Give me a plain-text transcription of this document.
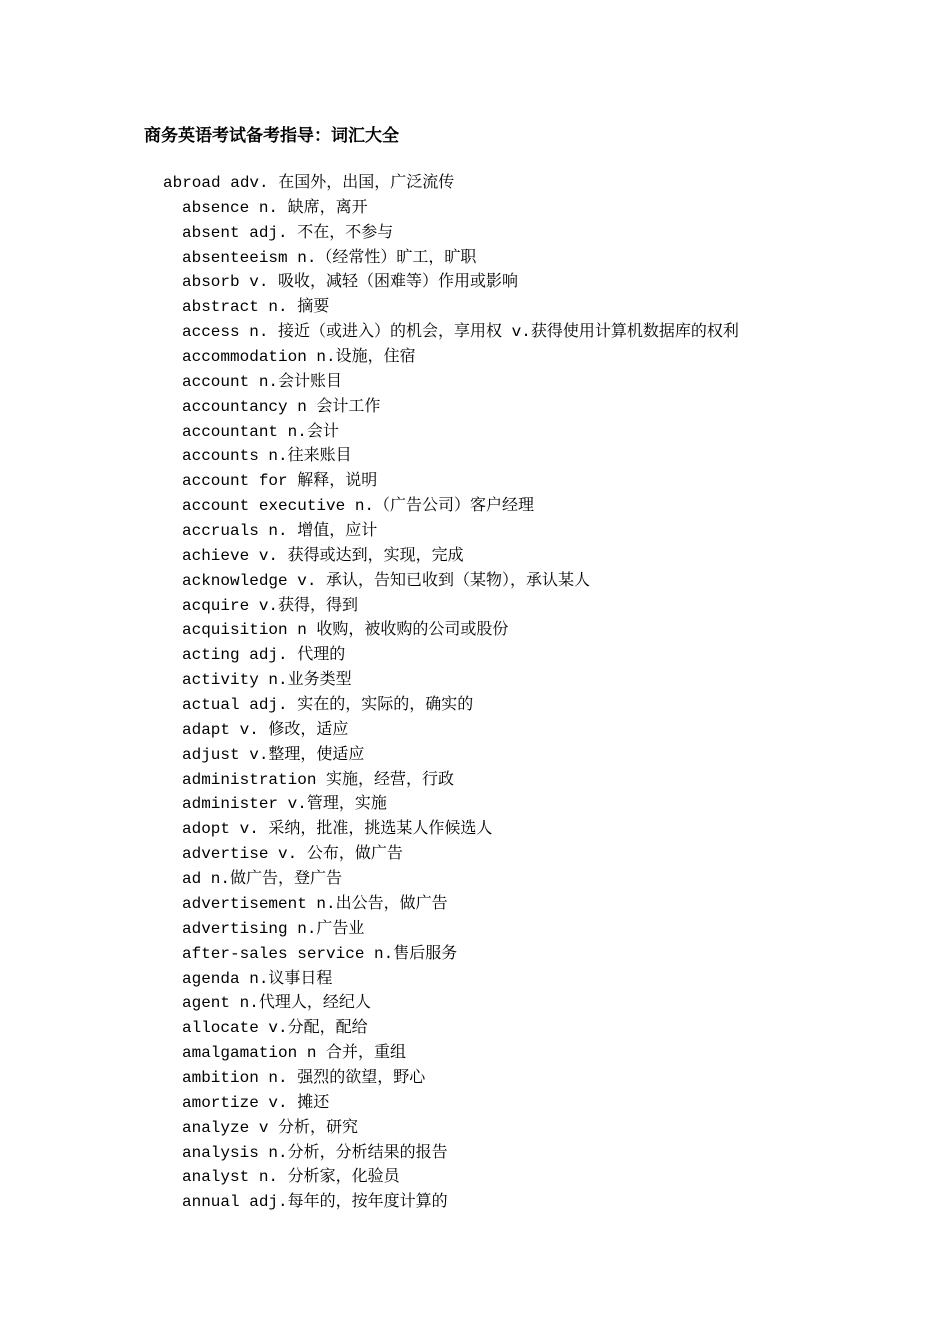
商务英语考试备考指导：词汇大全
abroad adv. 在国外，出国，广泛流传
absence n. 缺席，离开
absent adj. 不在，不参与
absenteeism n.（经常性）旷工，旷职
absorb v. 吸收，减轻（困难等）作用或影响
abstract n. 摘要
access n. 接近（或进入）的机会，享用权 v.获得使用计算机数据库的权利
accommodation n.设施，住宿
account n.会计账目
accountancy n 会计工作
accountant n.会计
accounts n.往来账目
account for 解释，说明
account executive n.（广告公司）客户经理
accruals n. 增值，应计
achieve v. 获得或达到，实现，完成
acknowledge v. 承认，告知已收到（某物），承认某人
acquire v.获得，得到
acquisition n 收购，被收购的公司或股份
acting adj. 代理的
activity n.业务类型
actual adj. 实在的，实际的，确实的
adapt v. 修改，适应
adjust v.整理，使适应
administration 实施，经营，行政
administer v.管理，实施
adopt v. 采纳，批准，挑选某人作候选人
advertise v. 公布，做广告
ad n.做广告，登广告
advertisement n.出公告，做广告
advertising n.广告业
after-sales service n.售后服务
agenda n.议事日程
agent n.代理人，经纪人
allocate v.分配，配给
amalgamation n 合并，重组
ambition n. 强烈的欲望，野心
amortize v. 摊还
analyze v 分析，研究
analysis n.分析，分析结果的报告
analyst n. 分析家，化验员
annual adj.每年的，按年度计算的
